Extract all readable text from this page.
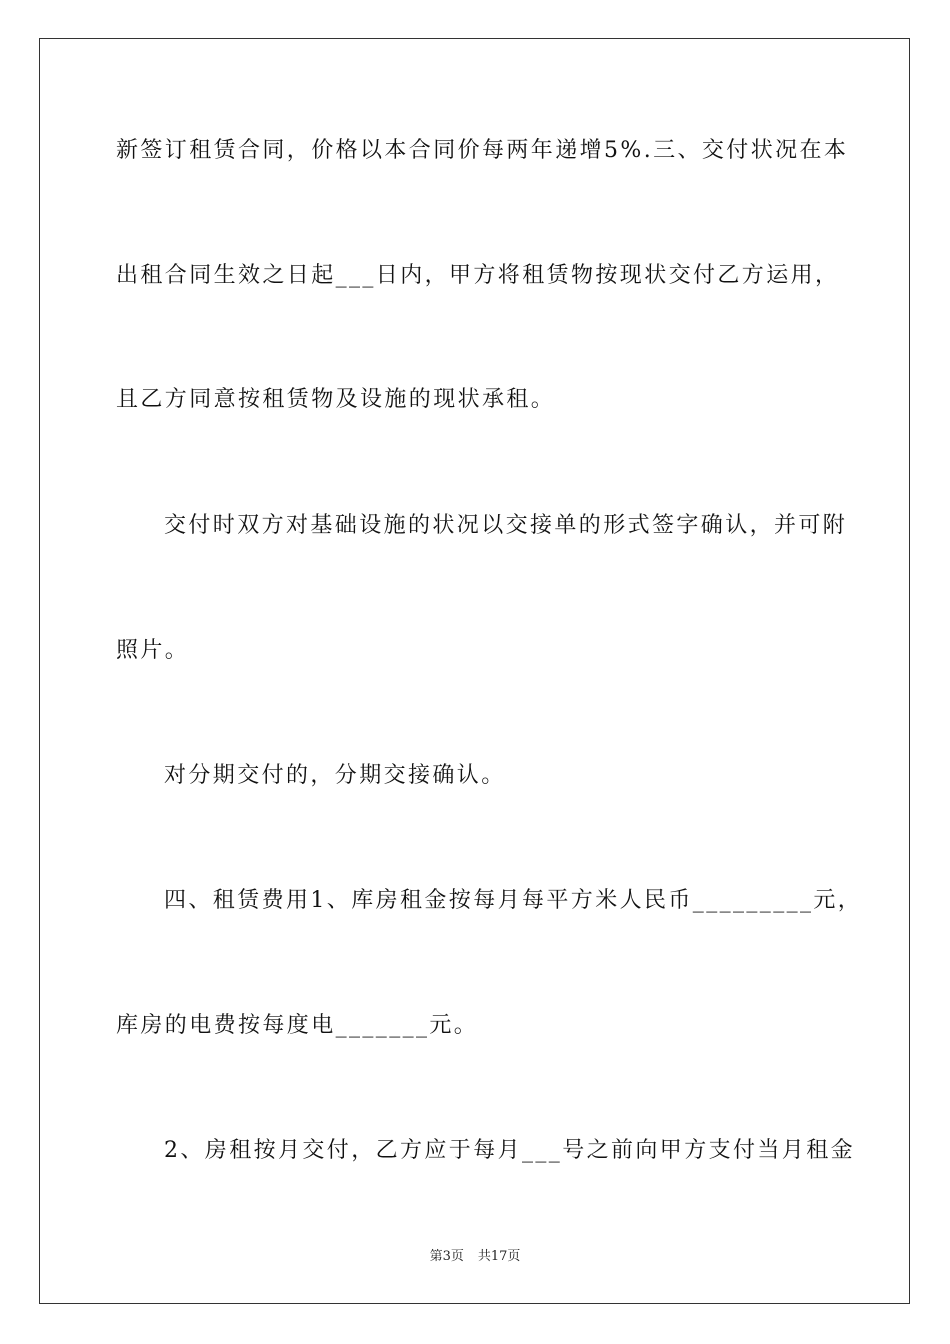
新签订租赁合同，价格以本合同价每两年递增5%.三、交付状况在本
出租合同生效之日起___日内，甲方将租赁物按现状交付乙方运用，
且乙方同意按租赁物及设施的现状承租。
交付时双方对基础设施的状况以交接单的形式签字确认，并可附
照片。
对分期交付的，分期交接确认。
四、租赁费用1、库房租金按每月每平方米人民币_________元，
库房的电费按每度电_______元。
2、房租按月交付，乙方应于每月___号之前向甲方支付当月租金
第3页 共17页
